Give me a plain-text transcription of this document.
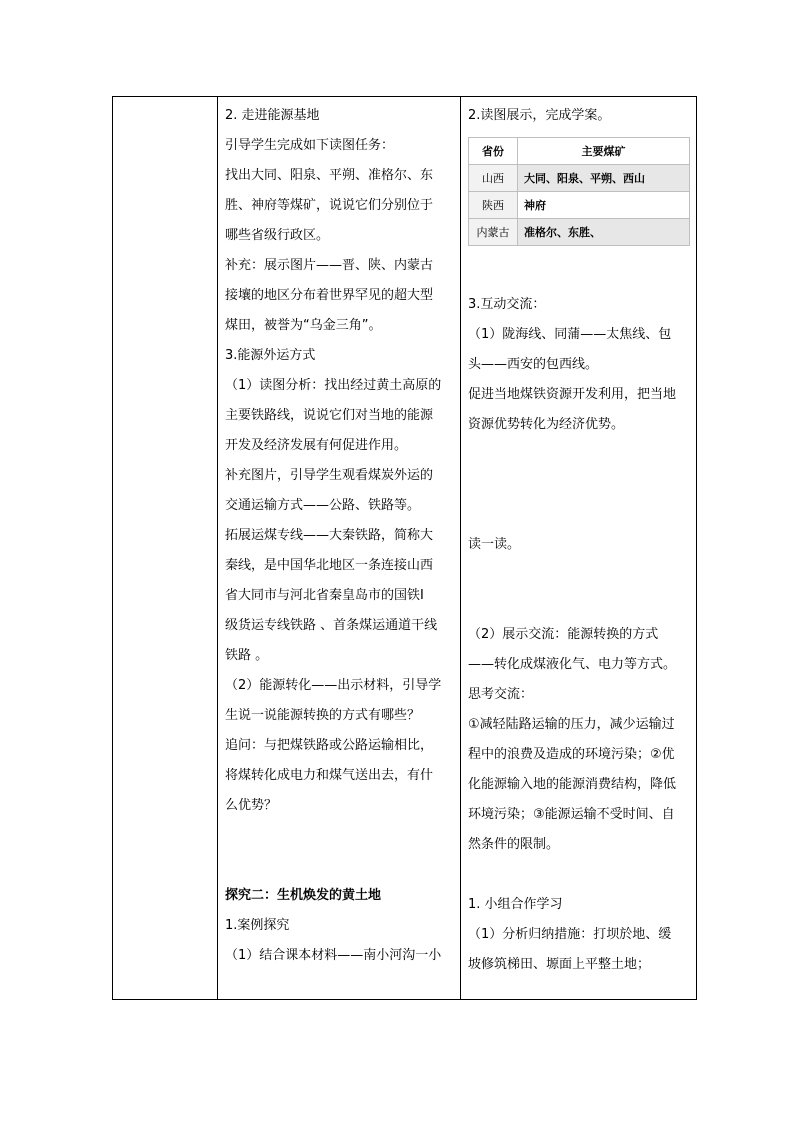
2. 走进能源基地
引导学生完成如下读图任务：
找出大同、阳泉、平朔、准格尔、东
胜、神府等煤矿，说说它们分别位于
哪些省级行政区。
补充：展示图片——晋、陕、内蒙古
接壤的地区分布着世界罕见的超大型
煤田，被誉为“乌金三角”。
3.能源外运方式
（1）读图分析：找出经过黄土高原的
主要铁路线，说说它们对当地的能源
开发及经济发展有何促进作用。
补充图片，引导学生观看煤炭外运的
交通运输方式——公路、铁路等。
拓展运煤专线——大秦铁路，简称大
秦线，是中国华北地区一条连接山西
省大同市与河北省秦皇岛市的国铁Ⅰ
级货运专线铁路 、首条煤运通道干线
铁路 。
（2）能源转化——出示材料，引导学
生说一说能源转换的方式有哪些？
追问：与把煤铁路或公路运输相比，
将煤转化成电力和煤气送出去，有什
么优势？
探究二：生机焕发的黄土地
1.案例探究
（1）结合课本材料——南小河沟一小
2.读图展示，完成学案。
省份	主要煤矿
山西	大同、阳泉、平朔、西山
陕西	神府
内蒙古	准格尔、东胜、
3.互动交流：
（1）陇海线、同蒲——太焦线、包
头——西安的包西线。
促进当地煤铁资源开发利用，把当地
资源优势转化为经济优势。
读一读。
（2）展示交流：能源转换的方式
——转化成煤液化气、电力等方式。
思考交流：
①减轻陆路运输的压力，减少运输过
程中的浪费及造成的环境污染；②优
化能源输入地的能源消费结构，降低
环境污染；③能源运输不受时间、自
然条件的限制。
1. 小组合作学习
（1）分析归纳措施：打坝於地、缓
坡修筑梯田、塬面上平整土地；
